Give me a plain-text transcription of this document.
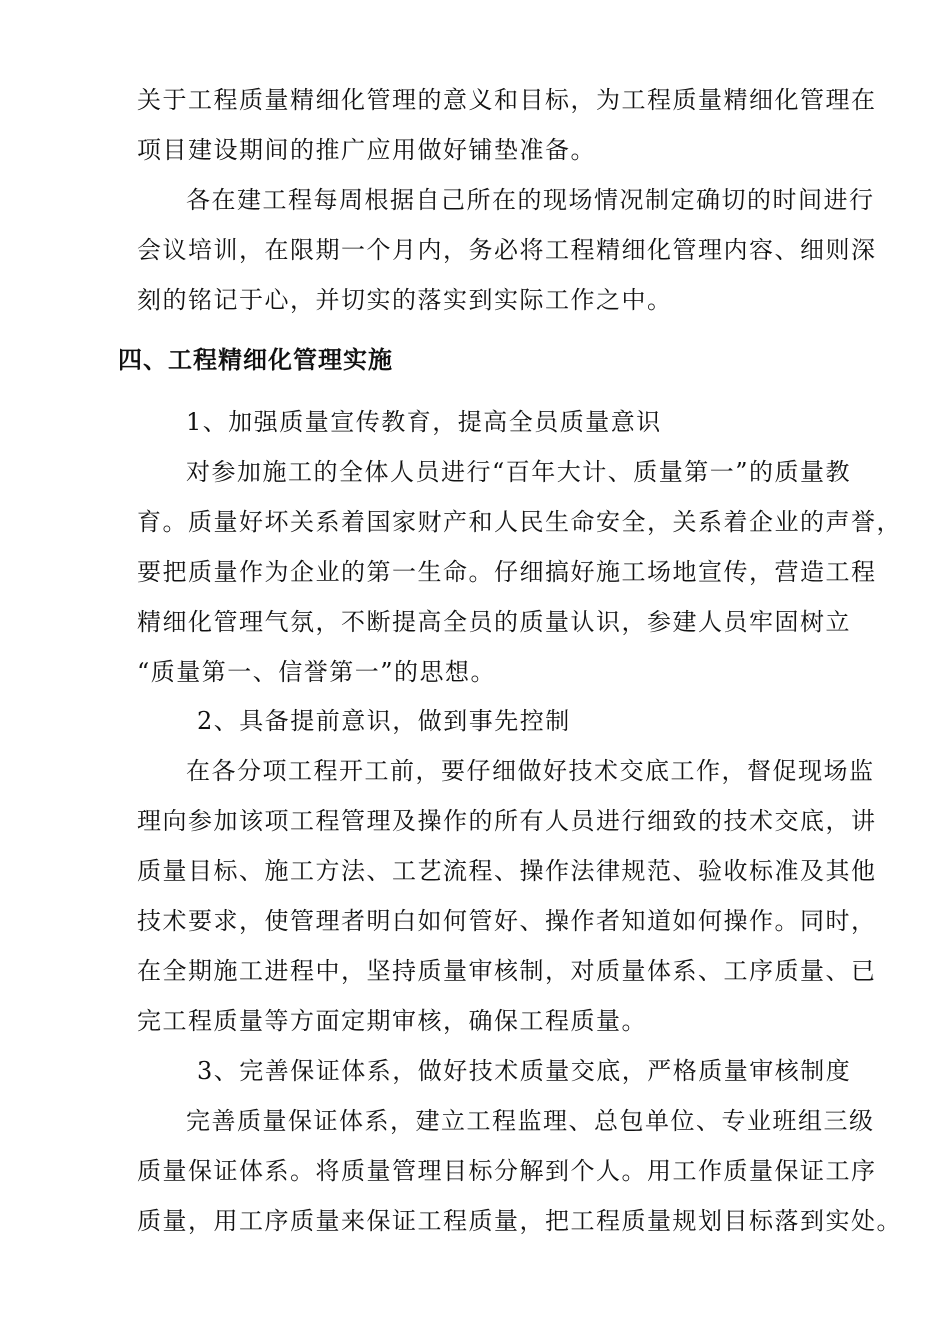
关于工程质量精细化管理的意义和目标，为工程质量精细化管理在
项目建设期间的推广应用做好铺垫准备。
各在建工程每周根据自己所在的现场情况制定确切的时间进行
会议培训，在限期一个月内，务必将工程精细化管理内容、细则深
刻的铭记于心，并切实的落实到实际工作之中。
四、工程精细化管理实施
1、加强质量宣传教育，提高全员质量意识
对参加施工的全体人员进行“百年大计、质量第一”的质量教
育。质量好坏关系着国家财产和人民生命安全，关系着企业的声誉，
要把质量作为企业的第一生命。仔细搞好施工场地宣传，营造工程
精细化管理气氛，不断提高全员的质量认识，参建人员牢固树立
“质量第一、信誉第一”的思想。
2、具备提前意识，做到事先控制
在各分项工程开工前，要仔细做好技术交底工作，督促现场监
理向参加该项工程管理及操作的所有人员进行细致的技术交底，讲
质量目标、施工方法、工艺流程、操作法律规范、验收标准及其他
技术要求，使管理者明白如何管好、操作者知道如何操作。同时，
在全期施工进程中，坚持质量审核制，对质量体系、工序质量、已
完工程质量等方面定期审核，确保工程质量。
3、完善保证体系，做好技术质量交底，严格质量审核制度
完善质量保证体系，建立工程监理、总包单位、专业班组三级
质量保证体系。将质量管理目标分解到个人。用工作质量保证工序
质量，用工序质量来保证工程质量，把工程质量规划目标落到实处。
